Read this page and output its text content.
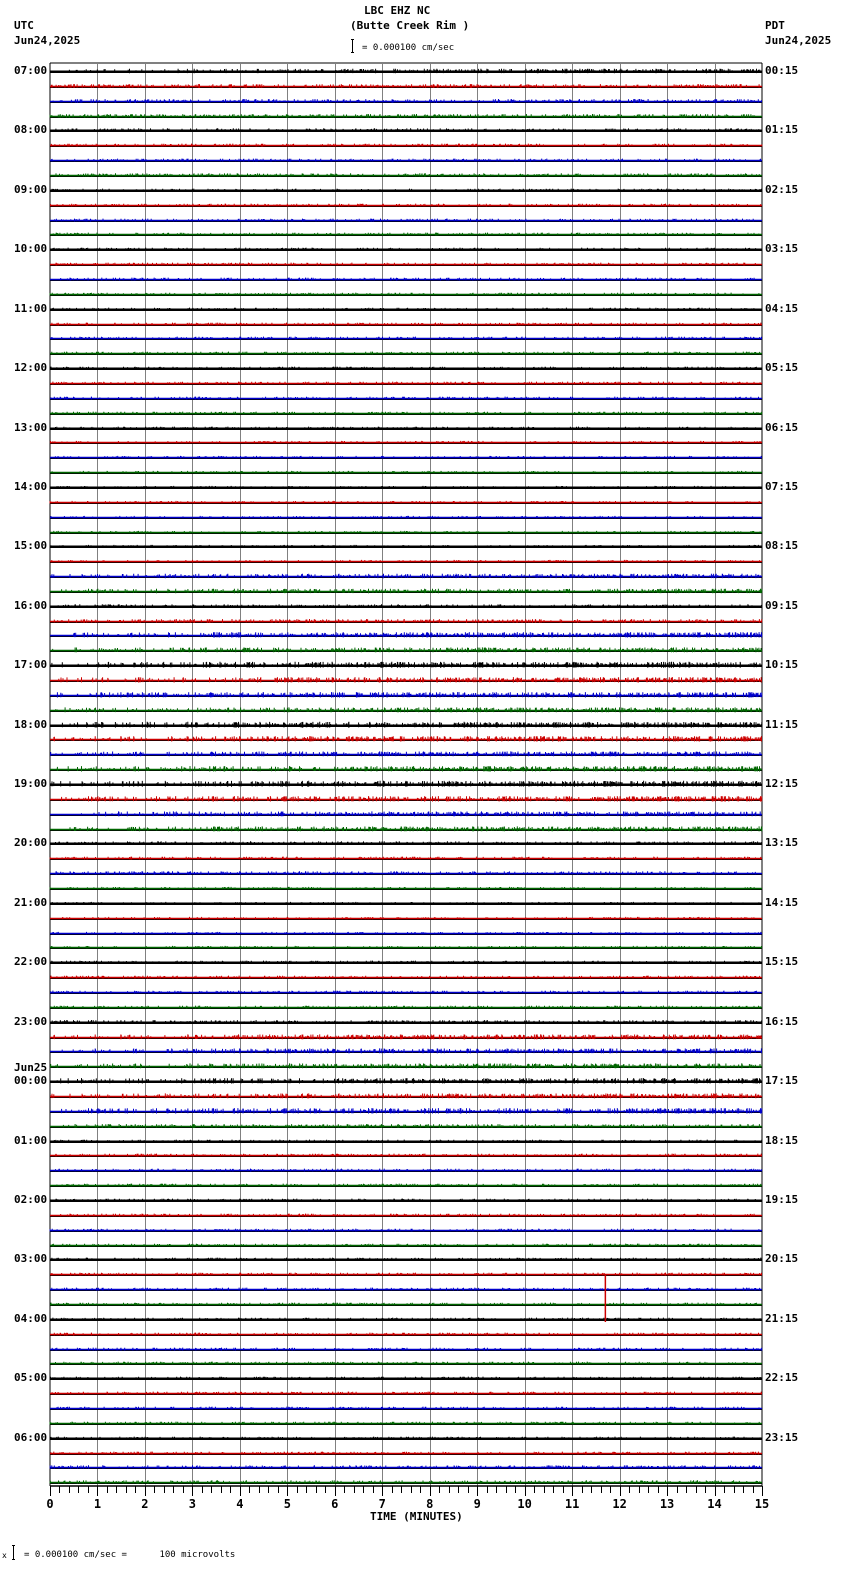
LBC EHZ NC
(Butte Creek Rim )
= 0.000100 cm/sec
UTC
Jun24,2025
PDT
Jun24,2025
07:00
08:00
09:00
10:00
11:00
12:00
13:00
14:00
15:00
16:00
17:00
18:00
19:00
20:00
21:00
22:00
23:00
00:00
01:00
02:00
03:00
04:00
05:00
06:00
00:15
01:15
02:15
03:15
04:15
05:15
06:15
07:15
08:15
09:15
10:15
11:15
12:15
13:15
14:15
15:15
16:15
17:15
18:15
19:15
20:15
21:15
22:15
23:15
Jun25
0	1	2	3	4	5	6	7	8	9	10	11	12	13	14	15
TIME (MINUTES)
x = 0.000100 cm/sec =      100 microvolts
